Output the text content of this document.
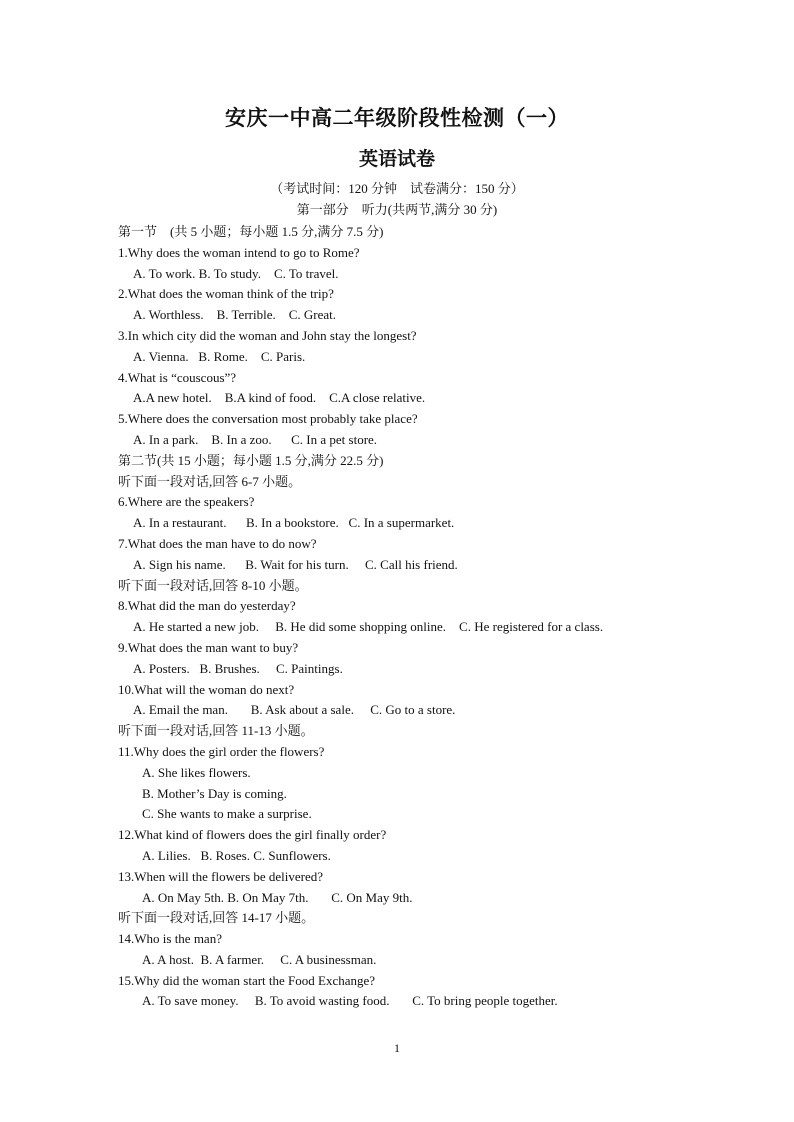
安庆一中高二年级阶段性检测（一）
英语试卷
（考试时间：120 分钟　试卷满分：150 分）
第一部分　听力(共两节,满分 30 分)
第一节　(共 5 小题；每小题 1.5 分,满分 7.5 分)
1.Why does the woman intend to go to Rome?
A. To work. B. To study.    C. To travel.
2.What does the woman think of the trip?
A. Worthless.    B. Terrible.    C. Great.
3.In which city did the woman and John stay the longest?
A. Vienna.   B. Rome.    C. Paris.
4.What is “couscous”?
A.A new hotel.    B.A kind of food.    C.A close relative.
5.Where does the conversation most probably take place?
A. In a park.    B. In a zoo.      C. In a pet store.
第二节(共 15 小题；每小题 1.5 分,满分 22.5 分)
听下面一段对话,回答 6-7 小题。
6.Where are the speakers?
A. In a restaurant.      B. In a bookstore.   C. In a supermarket.
7.What does the man have to do now?
A. Sign his name.      B. Wait for his turn.     C. Call his friend.
听下面一段对话,回答 8-10 小题。
8.What did the man do yesterday?
A. He started a new job.     B. He did some shopping online.    C. He registered for a class.
9.What does the man want to buy?
A. Posters.   B. Brushes.     C. Paintings.
10.What will the woman do next?
A. Email the man.       B. Ask about a sale.     C. Go to a store.
听下面一段对话,回答 11-13 小题。
11.Why does the girl order the flowers?
A. She likes flowers.
B. Mother’s Day is coming.
C. She wants to make a surprise.
12.What kind of flowers does the girl finally order?
A. Lilies.   B. Roses. C. Sunflowers.
13.When will the flowers be delivered?
A. On May 5th. B. On May 7th.       C. On May 9th.
听下面一段对话,回答 14-17 小题。
14.Who is the man?
A. A host.  B. A farmer.     C. A businessman.
15.Why did the woman start the Food Exchange?
A. To save money.     B. To avoid wasting food.       C. To bring people together.
1
